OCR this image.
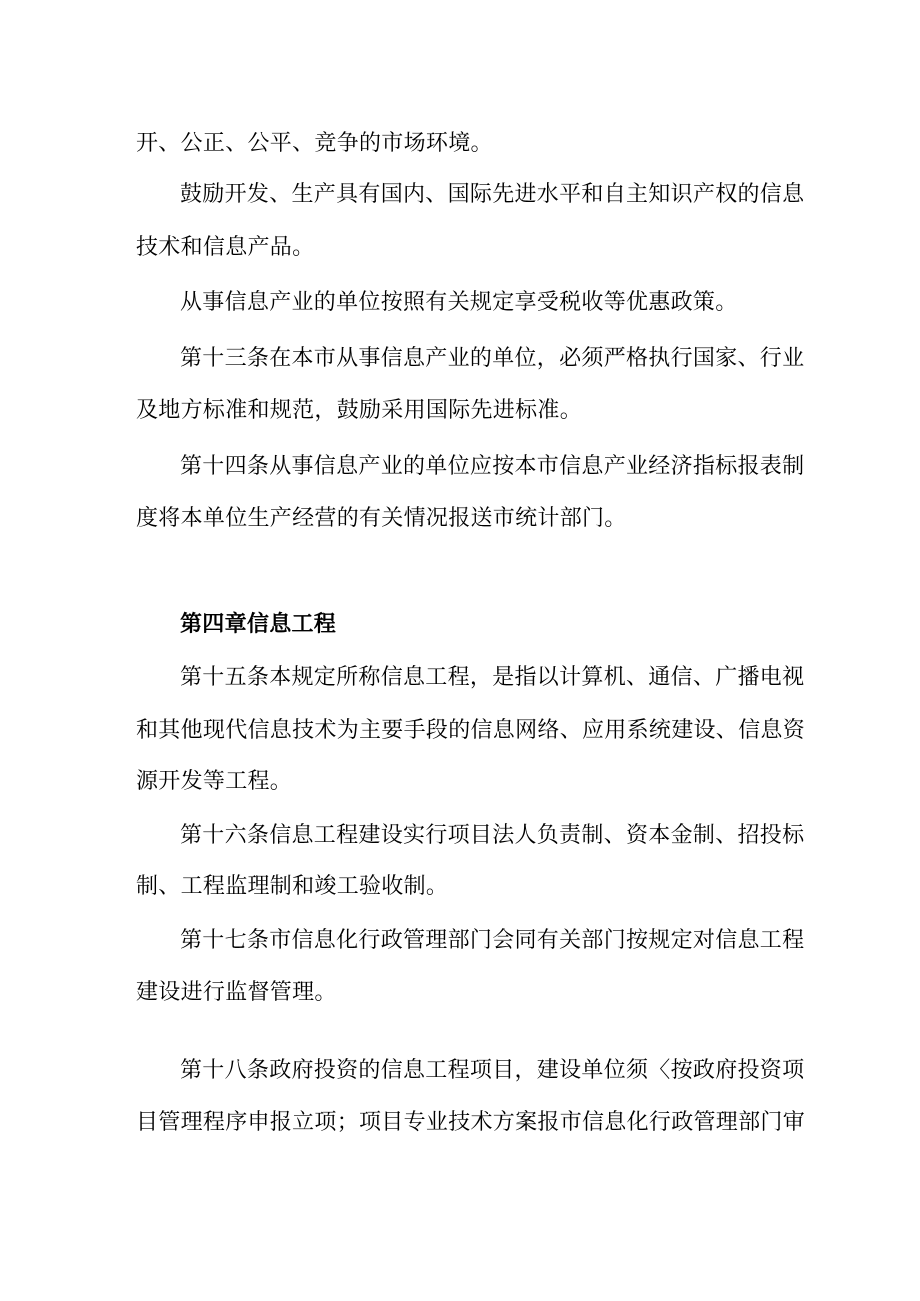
开、公正、公平、竞争的市场环境。
鼓励开发、生产具有国内、国际先进水平和自主知识产权的信息
技术和信息产品。
从事信息产业的单位按照有关规定享受税收等优惠政策。
第十三条在本市从事信息产业的单位，必须严格执行国家、行业
及地方标准和规范，鼓励采用国际先进标准。
第十四条从事信息产业的单位应按本市信息产业经济指标报表制
度将本单位生产经营的有关情况报送市统计部门。
第四章信息工程
第十五条本规定所称信息工程，是指以计算机、通信、广播电视
和其他现代信息技术为主要手段的信息网络、应用系统建设、信息资
源开发等工程。
第十六条信息工程建设实行项目法人负责制、资本金制、招投标
制、工程监理制和竣工验收制。
第十七条市信息化行政管理部门会同有关部门按规定对信息工程
建设进行监督管理。
第十八条政府投资的信息工程项目，建设单位须〈按政府投资项
目管理程序申报立项；项目专业技术方案报市信息化行政管理部门审
